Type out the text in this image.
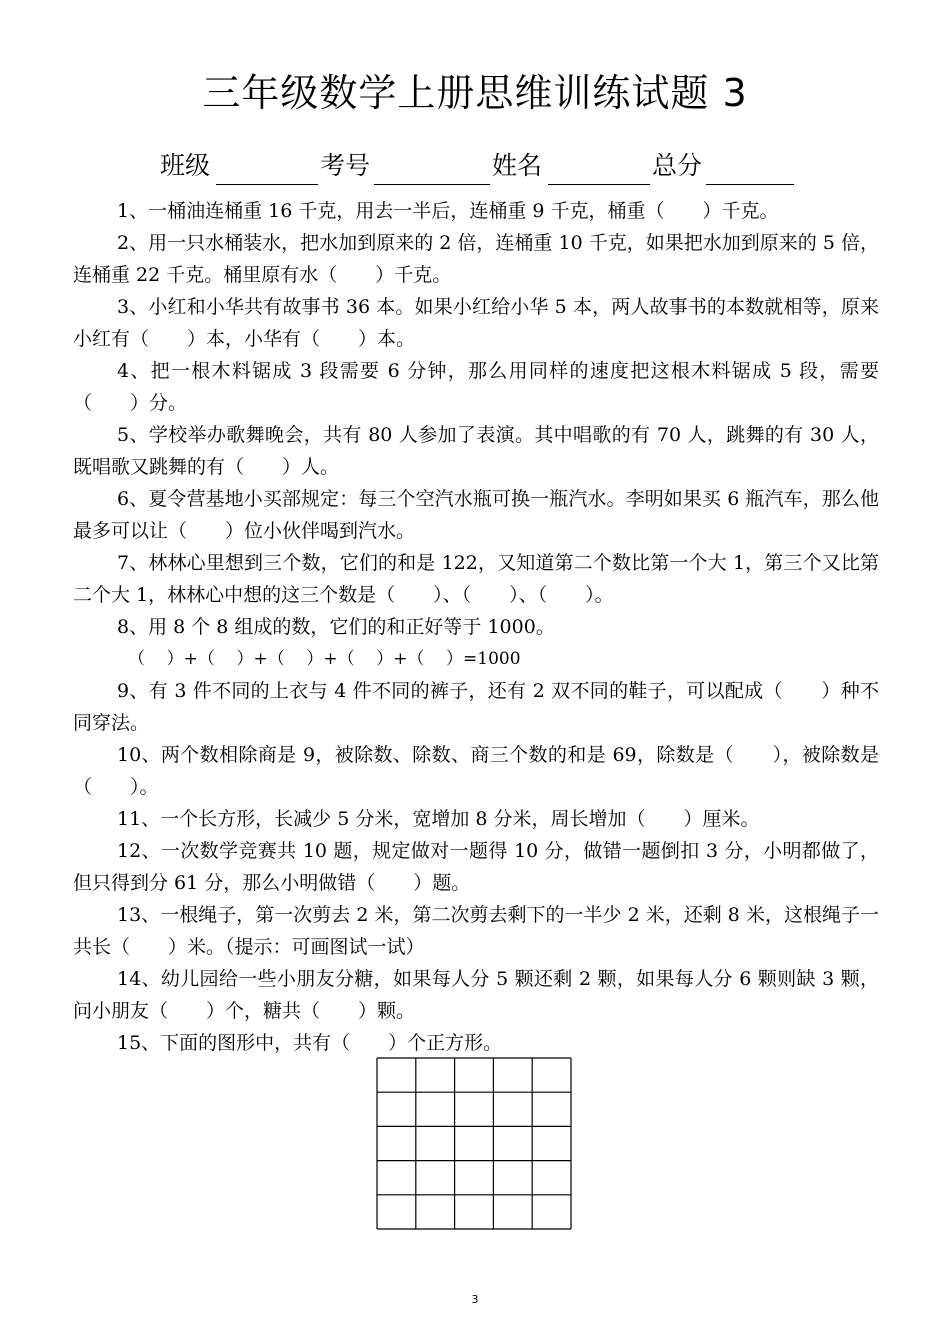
三年级数学上册思维训练试题 3
班级	考号	姓名	总分
1、一桶油连桶重 16 千克，用去一半后，连桶重 9 千克，桶重（　　）千克。
2、用一只水桶装水，把水加到原来的 2 倍，连桶重 10 千克，如果把水加到原来的 5 倍，连桶重 22 千克。桶里原有水（　　）千克。
3、小红和小华共有故事书 36 本。如果小红给小华 5 本，两人故事书的本数就相等，原来小红有（　　）本，小华有（　　）本。
4、把一根木料锯成 3 段需要 6 分钟，那么用同样的速度把这根木料锯成 5 段，需要（　　）分。
5、学校举办歌舞晚会，共有 80 人参加了表演。其中唱歌的有 70 人，跳舞的有 30 人，既唱歌又跳舞的有（　　）人。
6、夏令营基地小买部规定：每三个空汽水瓶可换一瓶汽水。李明如果买 6 瓶汽车，那么他最多可以让（　　）位小伙伴喝到汽水。
7、林林心里想到三个数，它们的和是 122，又知道第二个数比第一个大 1，第三个又比第二个大 1，林林心中想的这三个数是（　　）、（　　）、（　　）。
8、用 8 个 8 组成的数，它们的和正好等于 1000。
（    ）+（    ）+（    ）+（    ）+（    ）=1000
9、有 3 件不同的上衣与 4 件不同的裤子，还有 2 双不同的鞋子，可以配成（　　）种不同穿法。
10、两个数相除商是 9，被除数、除数、商三个数的和是 69，除数是（　　），被除数是（　　）。
11、一个长方形，长减少 5 分米，宽增加 8 分米，周长增加（　　）厘米。
12、一次数学竞赛共 10 题，规定做对一题得 10 分，做错一题倒扣 3 分，小明都做了，但只得到分 61 分，那么小明做错（　　）题。
13、一根绳子，第一次剪去 2 米，第二次剪去剩下的一半少 2 米，还剩 8 米，这根绳子一共长（　　）米。（提示：可画图试一试）
14、幼儿园给一些小朋友分糖，如果每人分 5 颗还剩 2 颗，如果每人分 6 颗则缺 3 颗，问小朋友（　　）个，糖共（　　）颗。
15、下面的图形中，共有（　　）个正方形。
3
